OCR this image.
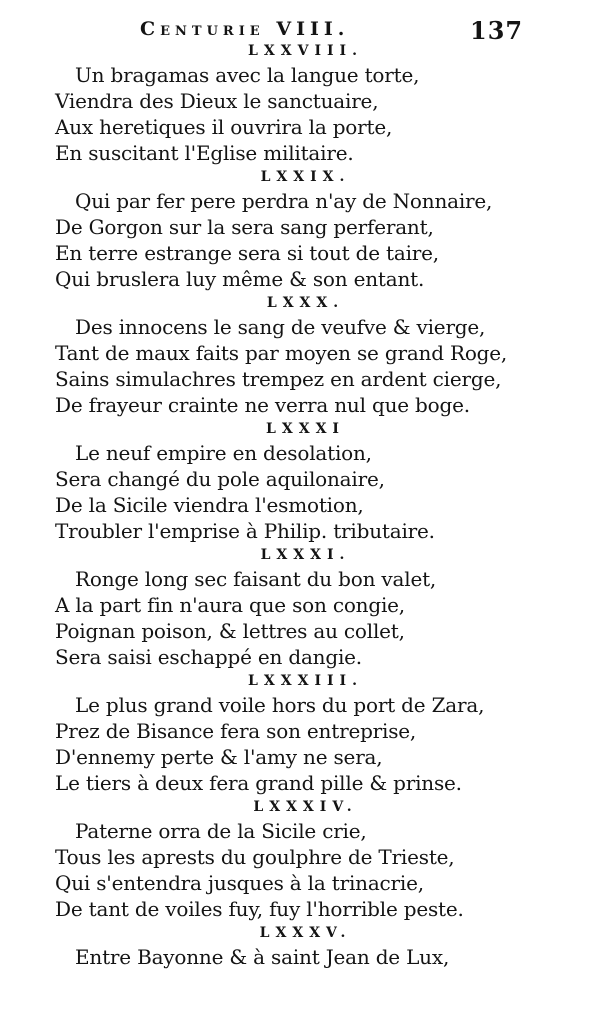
Centurie VIII.	137
LXXVIII.
Un bragamas avec la langue torte,
Viendra des Dieux le sanctuaire,
Aux heretiques il ouvrira la porte,
En suscitant l'Eglise militaire.
LXXIX.
Qui par fer pere perdra n'ay de Nonnaire,
De Gorgon sur la sera sang perferant,
En terre estrange sera si tout de taire,
Qui bruslera luy même & son entant.
LXXX.
Des innocens le sang de veufve & vierge,
Tant de maux faits par moyen se grand Roge,
Sains simulachres trempez en ardent cierge,
De frayeur crainte ne verra nul que boge.
LXXXI
Le neuf empire en desolation,
Sera changé du pole aquilonaire,
De la Sicile viendra l'esmotion,
Troubler l'emprise à Philip. tributaire.
LXXXI.
Ronge long sec faisant du bon valet,
A la part fin n'aura que son congie,
Poignan poison, & lettres au collet,
Sera saisi eschappé en dangie.
LXXXIII.
Le plus grand voile hors du port de Zara,
Prez de Bisance fera son entreprise,
D'ennemy perte & l'amy ne sera,
Le tiers à deux fera grand pille & prinse.
LXXXIV.
Paterne orra de la Sicile crie,
Tous les aprests du goulphre de Trieste,
Qui s'entendra jusques à la trinacrie,
De tant de voiles fuy, fuy l'horrible peste.
LXXXV.
Entre Bayonne & à saint Jean de Lux,
